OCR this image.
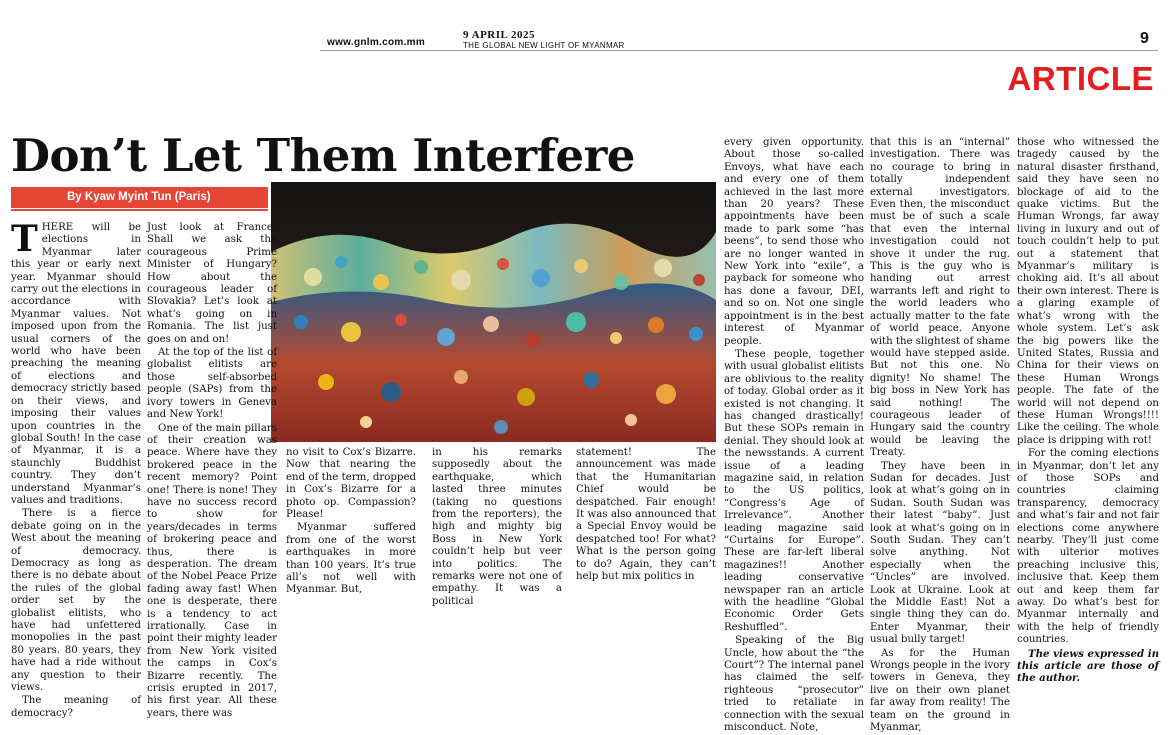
www.gnlm.com.mm
9 APRIL 2025
THE GLOBAL NEW LIGHT OF MYANMAR	9
ARTICLE
Don’t Let Them Interfere
By Kyaw Myint Tun (Paris)

THERE will be elections in Myanmar later this year or early next year. Myanmar should carry out the elections in accordance with Myanmar values. Not imposed upon from the usual corners of the world who have been preaching the meaning of elections and democracy strictly based on their views, and imposing their values upon countries in the global South! In the case of Myanmar, it is a staunchly Buddhist country. They don’t understand Myanmar’s values and traditions.

There is a fierce debate going on in the West about the meaning of democracy. Democracy as long as there is no debate about the rules of the global order set by the globalist elitists, who have had unfettered monopolies in the past 80 years. 80 years, they have had a ride without any question to their views.

The meaning of democracy?

Just look at France! Shall we ask the courageous Prime Minister of Hungary? How about the courageous leader of Slovakia? Let’s look at what’s going on in Romania. The list just goes on and on!

At the top of the list of globalist elitists are those self-absorbed people (SAPs) from the ivory towers in Geneva and New York!

One of the main pillars of their creation was peace. Where have they brokered peace in the recent memory? Point one! There is none! They have no success record to show for years/decades in terms of brokering peace and thus, there is desperation. The dream of the Nobel Peace Prize fading away fast! When one is desperate, there is a tendency to act irrationally. Case in point their mighty leader from New York visited the camps in Cox’s Bizarre recently. The crisis erupted in 2017, his first year. All these years, there was

no visit to Cox’s Bizarre. Now that nearing the end of the term, dropped in Cox’s Bizarre for a photo op. Compassion? Please!

Myanmar suffered from one of the worst earthquakes in more than 100 years. It’s true all’s not well with Myanmar. But,

in his remarks supposedly about the earthquake, which lasted three minutes (taking no questions from the reporters), the high and mighty big Boss in New York couldn’t help but veer into politics. The remarks were not one of empathy. It was a political

statement! The announcement was made that the Humanitarian Chief would be despatched. Fair enough! It was also announced that a Special Envoy would be despatched too! For what? What is the person going to do? Again, they can’t help but mix politics in

every given opportunity. About those so-called Envoys, what have each and every one of them achieved in the last more than 20 years? These appointments have been made to park some “has beens”, to send those who are no longer wanted in New York into “exile”, a payback for someone who has done a favour, DEI, and so on. Not one single appointment is in the best interest of Myanmar people.

These people, together with usual globalist elitists are oblivious to the reality of today. Global order as it existed is not changing. It has changed drastically! But these SOPs remain in denial. They should look at the newsstands. A current issue of a leading magazine said, in relation to the US politics, “Congress’s Age of Irrelevance”. Another leading magazine said “Curtains for Europe”. These are far-left liberal magazines!! Another leading conservative newspaper ran an article with the headline “Global Economic Order Gets Reshuffled”.

Speaking of the Big Uncle, how about the “the Court”? The internal panel has claimed the self-righteous “prosecutor” tried to retaliate in connection with the sexual misconduct. Note,

that this is an “internal” investigation. There was no courage to bring in totally independent external investigators. Even then, the misconduct must be of such a scale that even the internal investigation could not shove it under the rug. This is the guy who is handing out arrest warrants left and right to the world leaders who actually matter to the fate of world peace. Anyone with the slightest of shame would have stepped aside. But not this one. No dignity! No shame! The big boss in New York has said nothing! The courageous leader of Hungary said the country would be leaving the Treaty.

They have been in Sudan for decades. Just look at what’s going on in Sudan. South Sudan was their latest “baby”. Just look at what’s going on in South Sudan. They can’t solve anything. Not especially when the “Uncles” are involved. Look at Ukraine. Look at the Middle East! Not a single thing they can do. Enter Myanmar, their usual bully target!

As for the Human Wrongs people in the ivory towers in Geneva, they live on their own planet far away from reality! The team on the ground in Myanmar,

those who witnessed the tragedy caused by the natural disaster firsthand, said they have seen no blockage of aid to the quake victims. But the Human Wrongs, far away living in luxury and out of touch couldn’t help to put out a statement that Myanmar’s military is choking aid. It’s all about their own interest. There is a glaring example of what’s wrong with the whole system. Let’s ask the big powers like the United States, Russia and China for their views on these Human Wrongs people. The fate of the world will not depend on these Human Wrongs!!!! Like the ceiling. The whole place is dripping with rot!

For the coming elections in Myanmar, don’t let any of those SOPs and countries claiming transparency, democracy and what’s fair and not fair elections come anywhere nearby. They’ll just come with ulterior motives preaching inclusive this, inclusive that. Keep them out and keep them far away. Do what’s best for Myanmar internally and with the help of friendly countries.

The views expressed in this article are those of the author.
